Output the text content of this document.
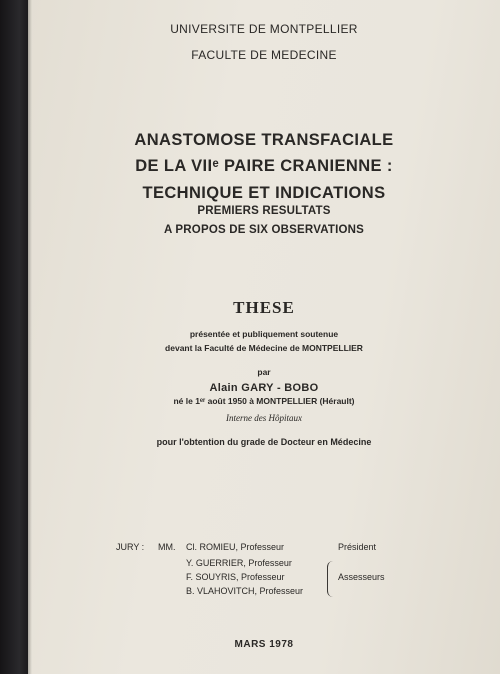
UNIVERSITE DE MONTPELLIER
FACULTE DE MEDECINE
ANASTOMOSE TRANSFACIALE
DE LA VIIᵉ PAIRE CRANIENNE :
TECHNIQUE ET INDICATIONS
PREMIERS RESULTATS
A PROPOS DE SIX OBSERVATIONS
THESE
présentée et publiquement soutenue
devant la Faculté de Médecine de MONTPELLIER
par
Alain GARY - BOBO
né le 1ᵉʳ août 1950 à MONTPELLIER (Hérault)
Interne des Hôpitaux
pour l'obtention du grade de Docteur en Médecine
JURY : MM. Cl. ROMIEU, Professeur
Y. GUERRIER, Professeur
F. SOUYRIS, Professeur
B. VLAHOVITCH, Professeur
Président
Assesseurs
MARS 1978
